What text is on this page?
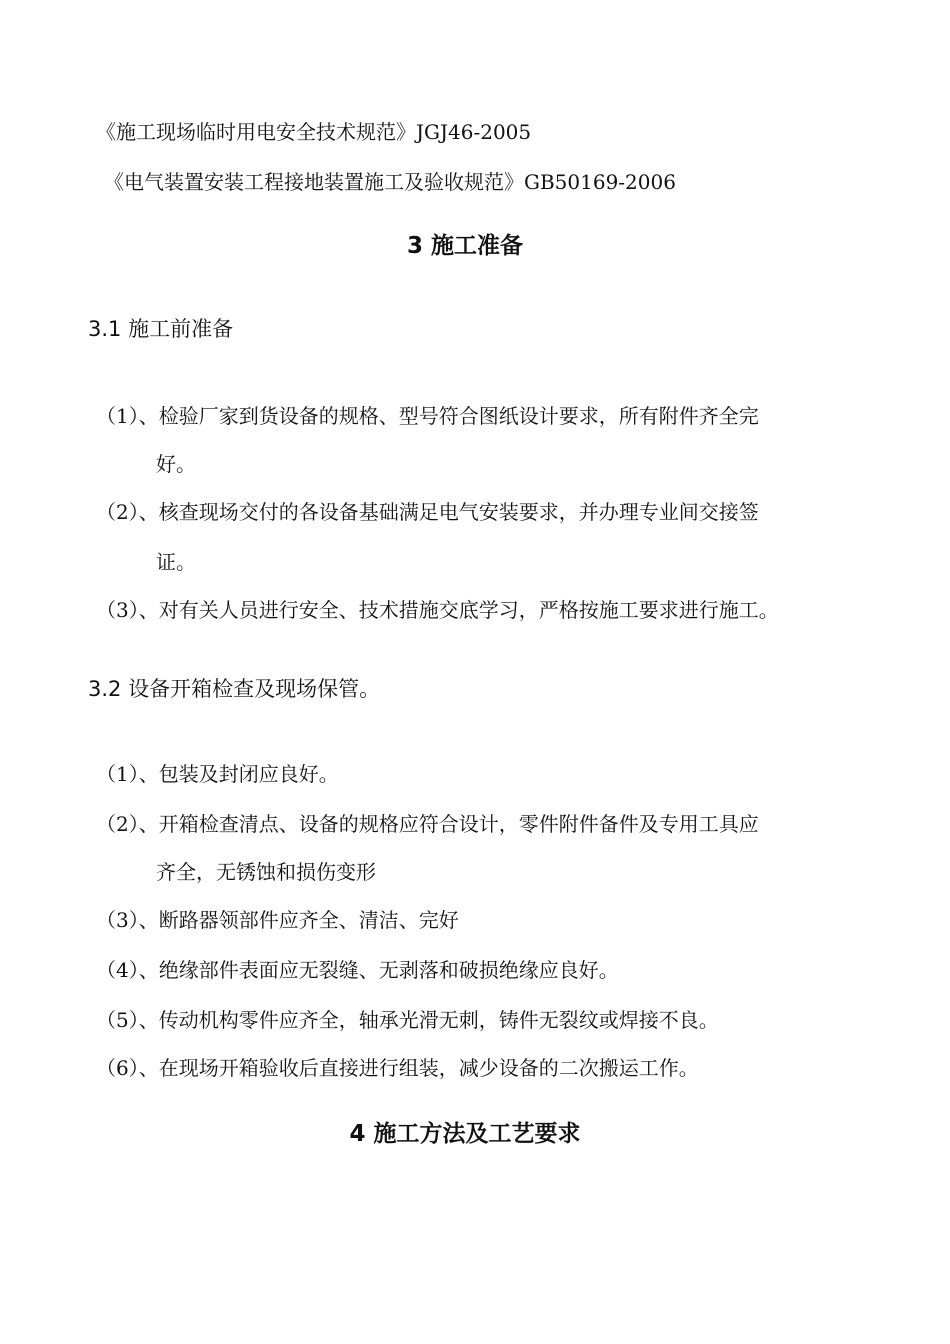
《施工现场临时用电安全技术规范》JGJ46-2005
《电气装置安装工程接地装置施工及验收规范》GB50169-2006
3 施工准备
3.1 施工前准备
（1）、检验厂家到货设备的规格、型号符合图纸设计要求，所有附件齐全完
好。
（2）、核查现场交付的各设备基础满足电气安装要求，并办理专业间交接签
证。
（3）、对有关人员进行安全、技术措施交底学习，严格按施工要求进行施工。
3.2 设备开箱检查及现场保管。
（1）、包装及封闭应良好。
（2）、开箱检查清点、设备的规格应符合设计，零件附件备件及专用工具应
齐全，无锈蚀和损伤变形
（3）、断路器领部件应齐全、清洁、完好
（4）、绝缘部件表面应无裂缝、无剥落和破损绝缘应良好。
（5）、传动机构零件应齐全，轴承光滑无刺，铸件无裂纹或焊接不良。
（6）、在现场开箱验收后直接进行组装，减少设备的二次搬运工作。
4 施工方法及工艺要求
